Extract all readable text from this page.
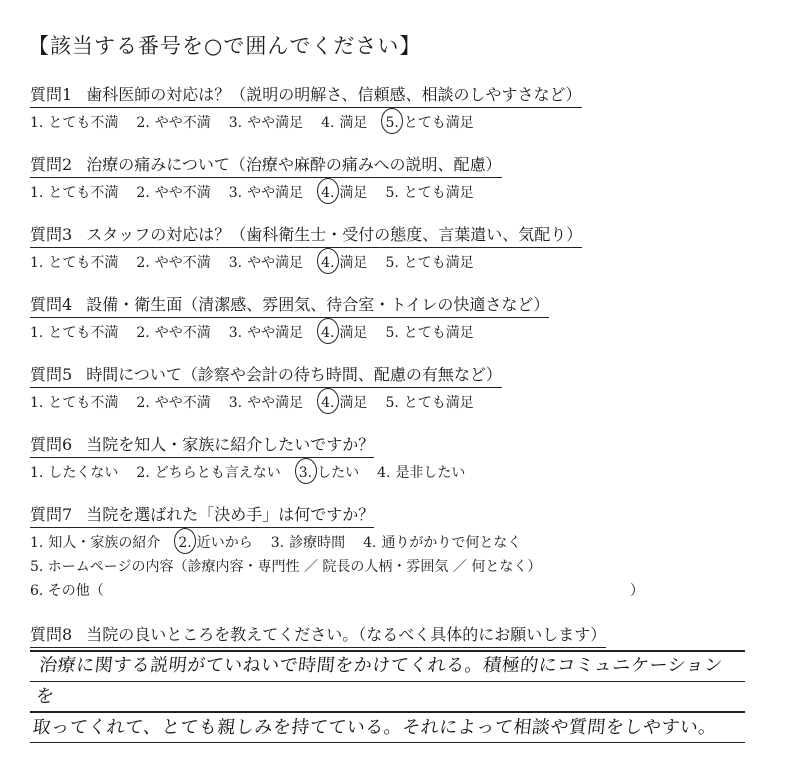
【該当する番号を○で囲んでください】
質問1 歯科医師の対応は？（説明の明解さ、信頼感、相談のしやすさなど）
1. とても不満 2. やや不満 3. やや満足 4. 満足 5. とても満足
質問2 治療の痛みについて（治療や麻酔の痛みへの説明、配慮）
1. とても不満 2. やや不満 3. やや満足 4. 満足 5. とても満足
質問3 スタッフの対応は？（歯科衛生士・受付の態度、言葉遣い、気配り）
1. とても不満 2. やや不満 3. やや満足 4. 満足 5. とても満足
質問4 設備・衛生面（清潔感、雰囲気、待合室・トイレの快適さなど）
1. とても不満 2. やや不満 3. やや満足 4. 満足 5. とても満足
質問5 時間について（診察や会計の待ち時間、配慮の有無など）
1. とても不満 2. やや不満 3. やや満足 4. 満足 5. とても満足
質問6 当院を知人・家族に紹介したいですか？
1. したくない 2. どちらとも言えない 3. したい 4. 是非したい
質問7 当院を選ばれた「決め手」は何ですか？
1. 知人・家族の紹介 2. 近いから 3. 診療時間 4. 通りがかりで何となく
5. ホームページの内容（診療内容・専門性 ／ 院長の人柄・雰囲気 ／ 何となく）
6. その他（	）
質問8 当院の良いところを教えてください。（なるべく具体的にお願いします）
治療に関する説明がていねいで時間をかけてくれる。積極的にコミュニケーションを
取ってくれて、とても親しみを持てている。それによって相談や質問をしやすい。
